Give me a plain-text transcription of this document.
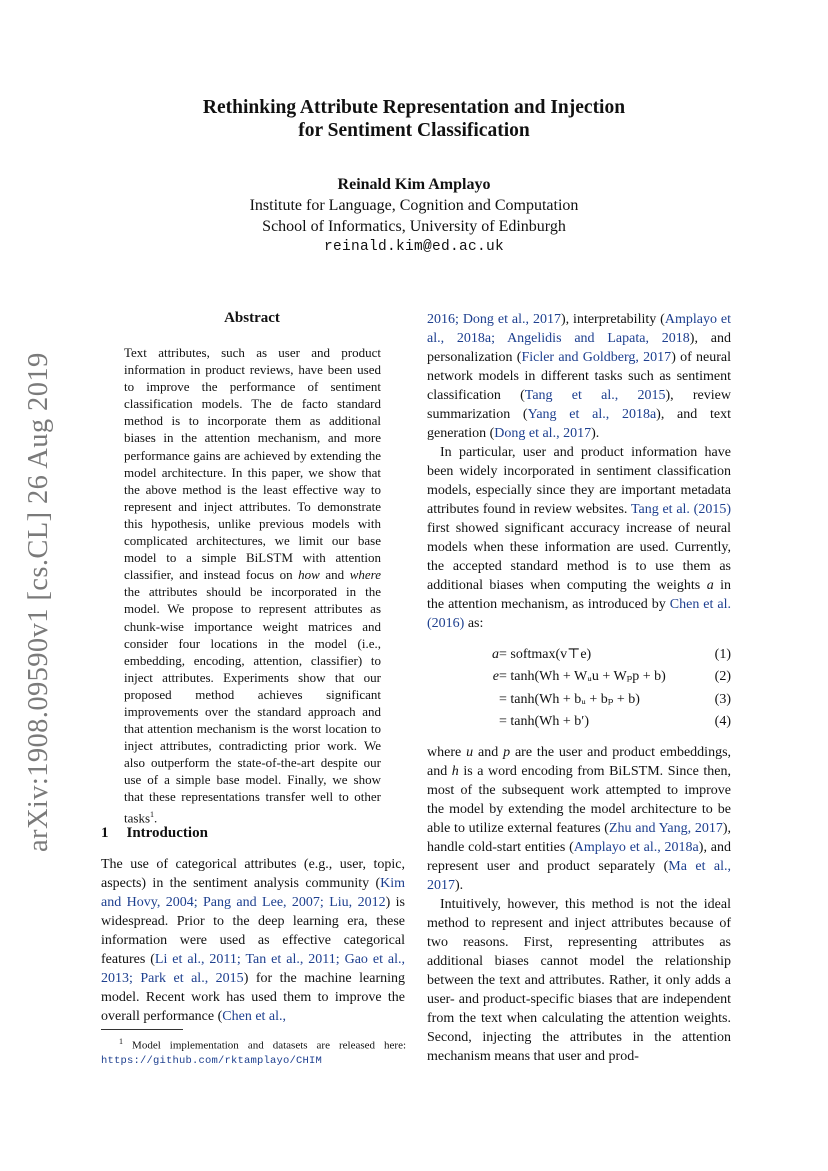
arXiv:1908.09590v1 [cs.CL] 26 Aug 2019
Rethinking Attribute Representation and Injection
for Sentiment Classification
Reinald Kim Amplayo
Institute for Language, Cognition and Computation
School of Informatics, University of Edinburgh
reinald.kim@ed.ac.uk
Abstract
Text attributes, such as user and product information in product reviews, have been used to improve the performance of sentiment classification models. The de facto standard method is to incorporate them as additional biases in the attention mechanism, and more performance gains are achieved by extending the model architecture. In this paper, we show that the above method is the least effective way to represent and inject attributes. To demonstrate this hypothesis, unlike previous models with complicated architectures, we limit our base model to a simple BiLSTM with attention classifier, and instead focus on how and where the attributes should be incorporated in the model. We propose to represent attributes as chunk-wise importance weight matrices and consider four locations in the model (i.e., embedding, encoding, attention, classifier) to inject attributes. Experiments show that our proposed method achieves significant improvements over the standard approach and that attention mechanism is the worst location to inject attributes, contradicting prior work. We also outperform the state-of-the-art despite our use of a simple base model. Finally, we show that these representations transfer well to other tasks$^1$.
1 Introduction

The use of categorical attributes (e.g., user, topic, aspects) in the sentiment analysis community (Kim and Hovy, 2004; Pang and Lee, 2007; Liu, 2012) is widespread. Prior to the deep learning era, these information were used as effective categorical features (Li et al., 2011; Tan et al., 2011; Gao et al., 2013; Park et al., 2015) for the machine learning model. Recent work has used them to improve the overall performance (Chen et al.,

$^1$ Model implementation and datasets are released here: https://github.com/rktamplayo/CHIM

2016; Dong et al., 2017), interpretability (Amplayo et al., 2018a; Angelidis and Lapata, 2018), and personalization (Ficler and Goldberg, 2017) of neural network models in different tasks such as sentiment classification (Tang et al., 2015), review summarization (Yang et al., 2018a), and text generation (Dong et al., 2017).

In particular, user and product information have been widely incorporated in sentiment classification models, especially since they are important metadata attributes found in review websites. Tang et al. (2015) first showed significant accuracy increase of neural models when these information are used. Currently, the accepted standard method is to use them as additional biases when computing the weights a in the attention mechanism, as introduced by Chen et al. (2016) as:

a = softmax(v⊤e)	(1)
e = tanh(Wh + Wᵤu + Wₚp + b)	(2)
= tanh(Wh + bᵤ + bₚ + b)	(3)
= tanh(Wh + b′)	(4)

where u and p are the user and product embeddings, and h is a word encoding from BiLSTM. Since then, most of the subsequent work attempted to improve the model by extending the model architecture to be able to utilize external features (Zhu and Yang, 2017), handle cold-start entities (Amplayo et al., 2018a), and represent user and product separately (Ma et al., 2017).

Intuitively, however, this method is not the ideal method to represent and inject attributes because of two reasons. First, representing attributes as additional biases cannot model the relationship between the text and attributes. Rather, it only adds a user- and product-specific biases that are independent from the text when calculating the attention weights. Second, injecting the attributes in the attention mechanism means that user and prod-
